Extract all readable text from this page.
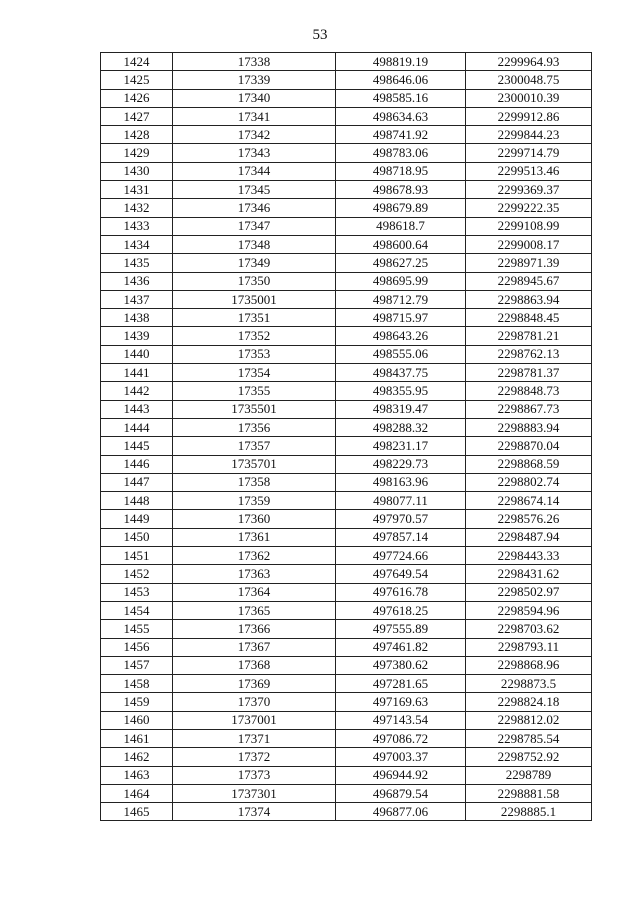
53
1424	17338	498819.19	2299964.93
1425	17339	498646.06	2300048.75
1426	17340	498585.16	2300010.39
1427	17341	498634.63	2299912.86
1428	17342	498741.92	2299844.23
1429	17343	498783.06	2299714.79
1430	17344	498718.95	2299513.46
1431	17345	498678.93	2299369.37
1432	17346	498679.89	2299222.35
1433	17347	498618.7	2299108.99
1434	17348	498600.64	2299008.17
1435	17349	498627.25	2298971.39
1436	17350	498695.99	2298945.67
1437	1735001	498712.79	2298863.94
1438	17351	498715.97	2298848.45
1439	17352	498643.26	2298781.21
1440	17353	498555.06	2298762.13
1441	17354	498437.75	2298781.37
1442	17355	498355.95	2298848.73
1443	1735501	498319.47	2298867.73
1444	17356	498288.32	2298883.94
1445	17357	498231.17	2298870.04
1446	1735701	498229.73	2298868.59
1447	17358	498163.96	2298802.74
1448	17359	498077.11	2298674.14
1449	17360	497970.57	2298576.26
1450	17361	497857.14	2298487.94
1451	17362	497724.66	2298443.33
1452	17363	497649.54	2298431.62
1453	17364	497616.78	2298502.97
1454	17365	497618.25	2298594.96
1455	17366	497555.89	2298703.62
1456	17367	497461.82	2298793.11
1457	17368	497380.62	2298868.96
1458	17369	497281.65	2298873.5
1459	17370	497169.63	2298824.18
1460	1737001	497143.54	2298812.02
1461	17371	497086.72	2298785.54
1462	17372	497003.37	2298752.92
1463	17373	496944.92	2298789
1464	1737301	496879.54	2298881.58
1465	17374	496877.06	2298885.1
